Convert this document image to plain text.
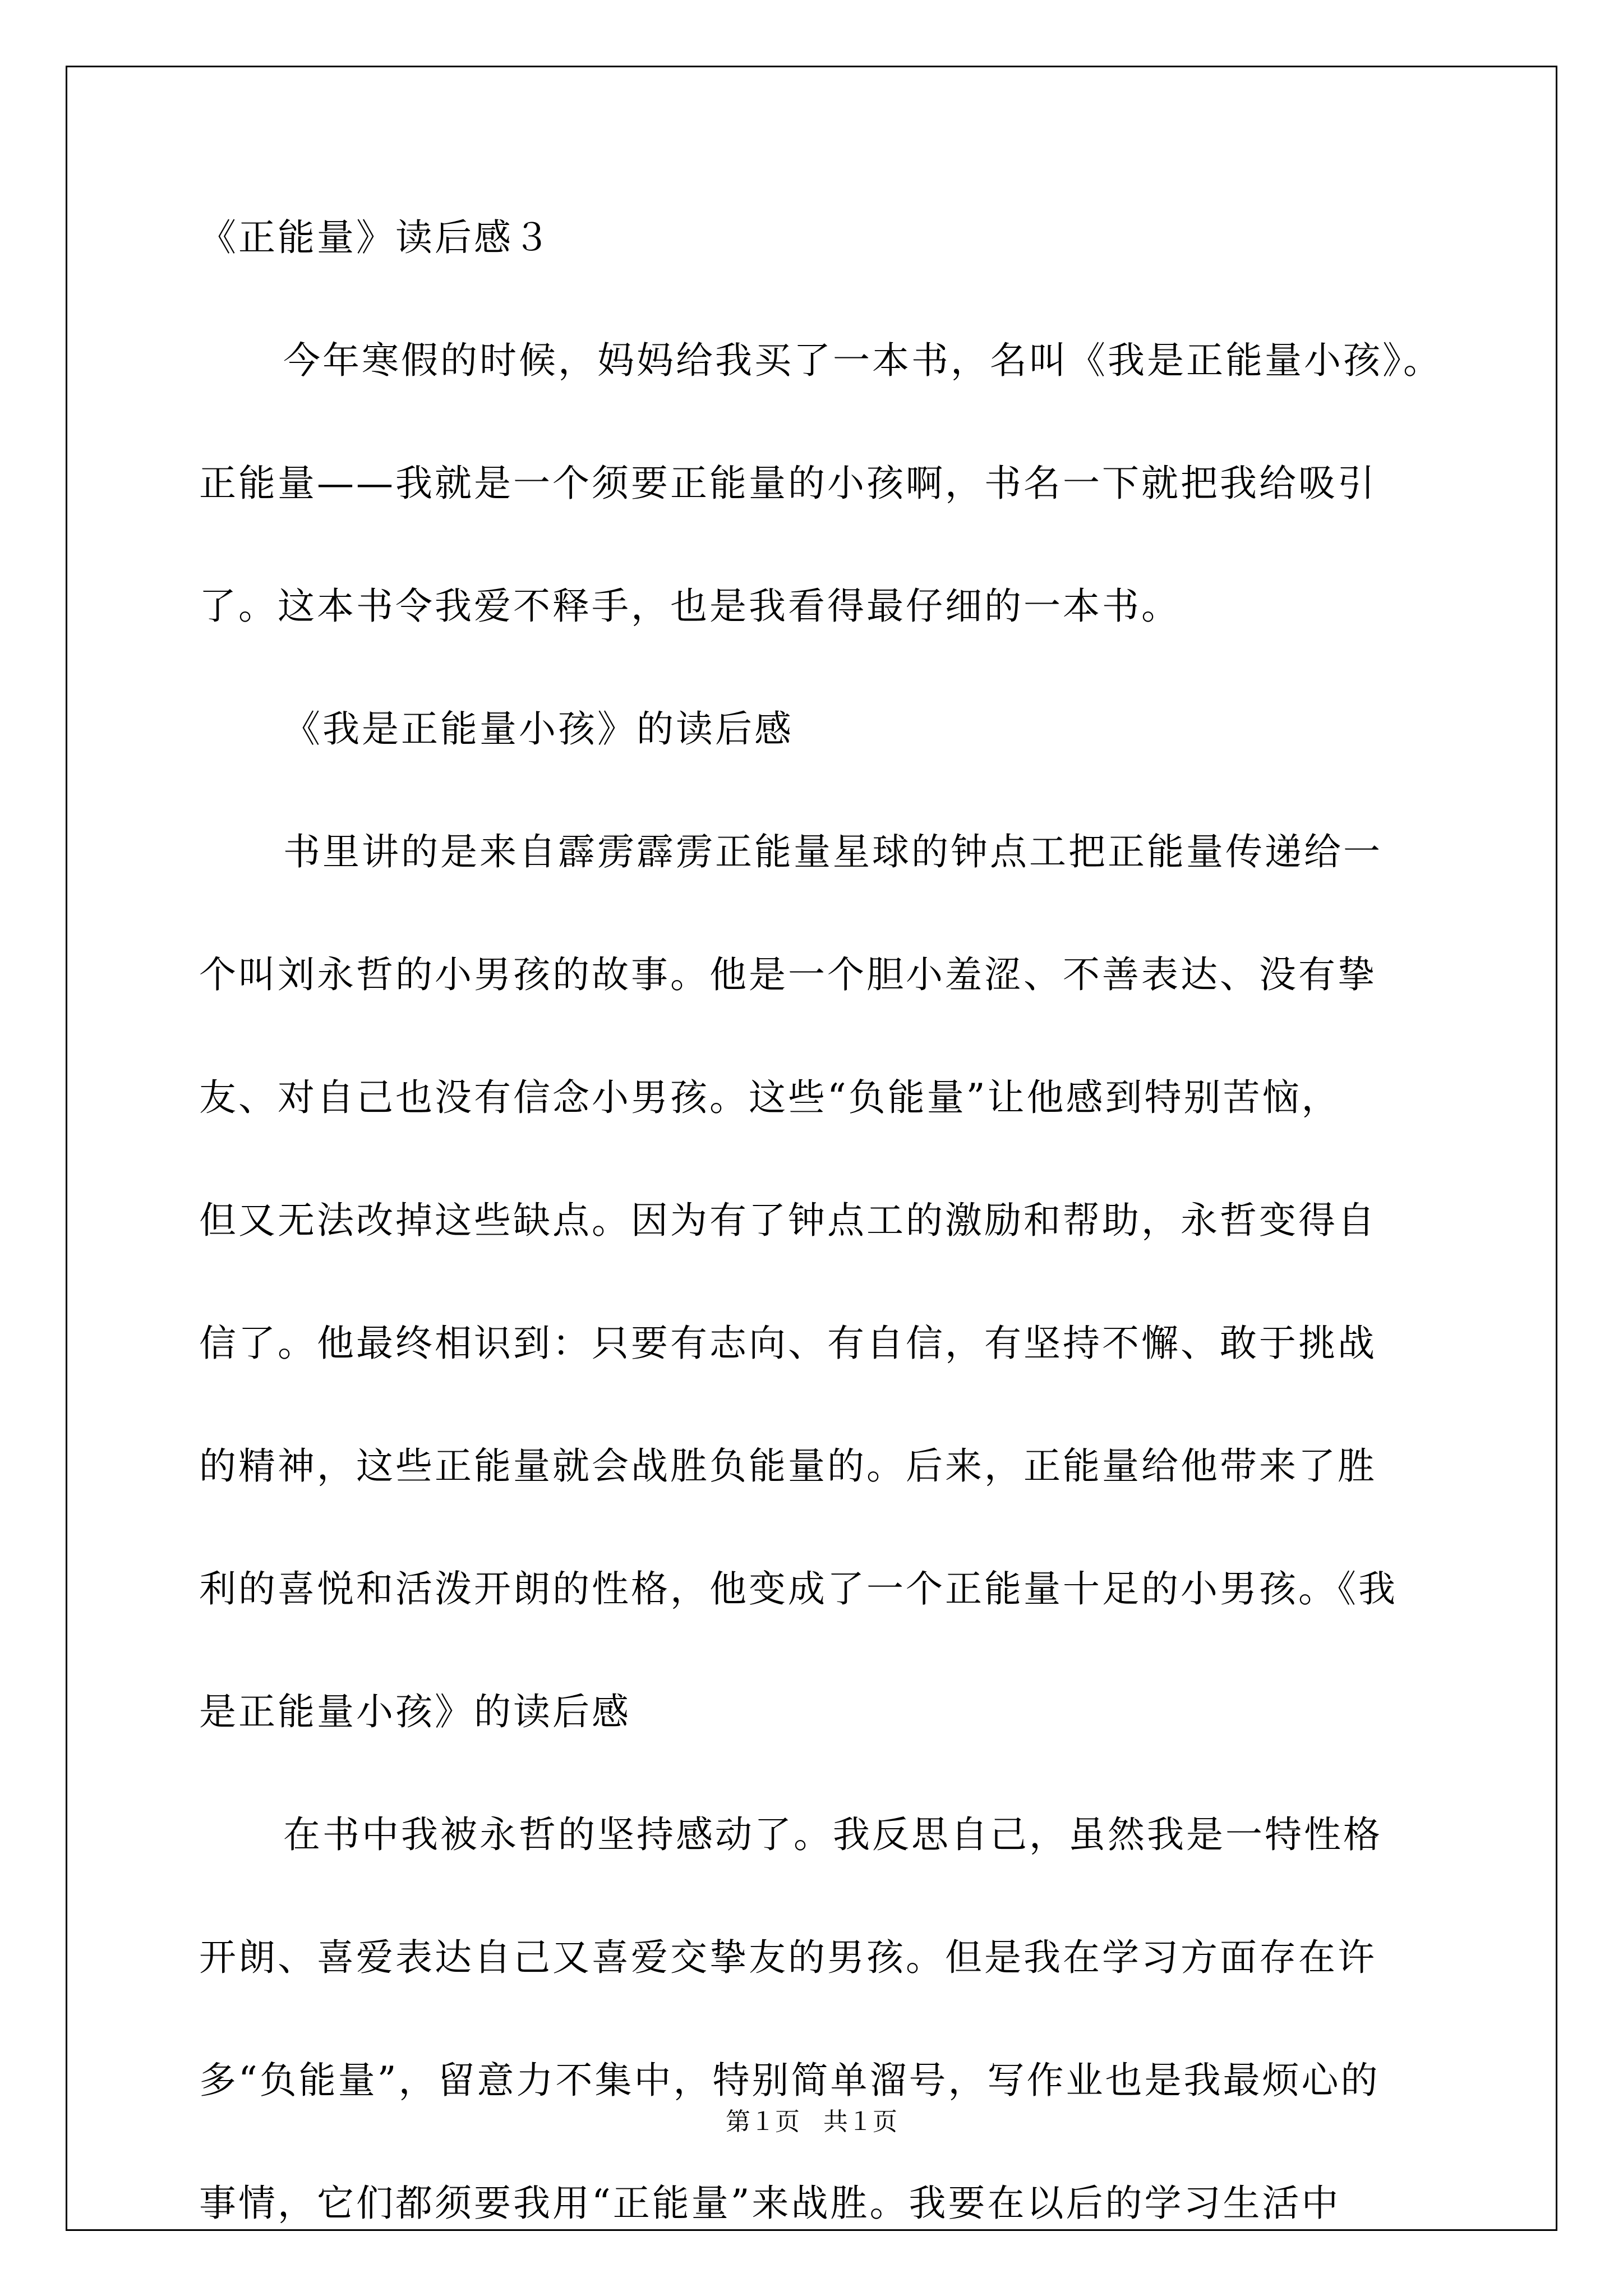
《正能量》读后感３
今年寒假的时候，妈妈给我买了一本书，名叫《我是正能量小孩》。
正能量——我就是一个须要正能量的小孩啊，书名一下就把我给吸引
了。这本书令我爱不释手，也是我看得最仔细的一本书。
《我是正能量小孩》的读后感
书里讲的是来自霹雳霹雳正能量星球的钟点工把正能量传递给一
个叫刘永哲的小男孩的故事。他是一个胆小羞涩、不善表达、没有挚
友、对自己也没有信念小男孩。这些“负能量”让他感到特别苦恼，
但又无法改掉这些缺点。因为有了钟点工的激励和帮助，永哲变得自
信了。他最终相识到：只要有志向、有自信，有坚持不懈、敢于挑战
的精神，这些正能量就会战胜负能量的。后来，正能量给他带来了胜
利的喜悦和活泼开朗的性格，他变成了一个正能量十足的小男孩。《我
是正能量小孩》的读后感
在书中我被永哲的坚持感动了。我反思自己，虽然我是一特性格
开朗、喜爱表达自己又喜爱交挚友的男孩。但是我在学习方面存在许
多“负能量”，留意力不集中，特别简单溜号，写作业也是我最烦心的
事情，它们都须要我用“正能量”来战胜。我要在以后的学习生活中
第１页   共１页
